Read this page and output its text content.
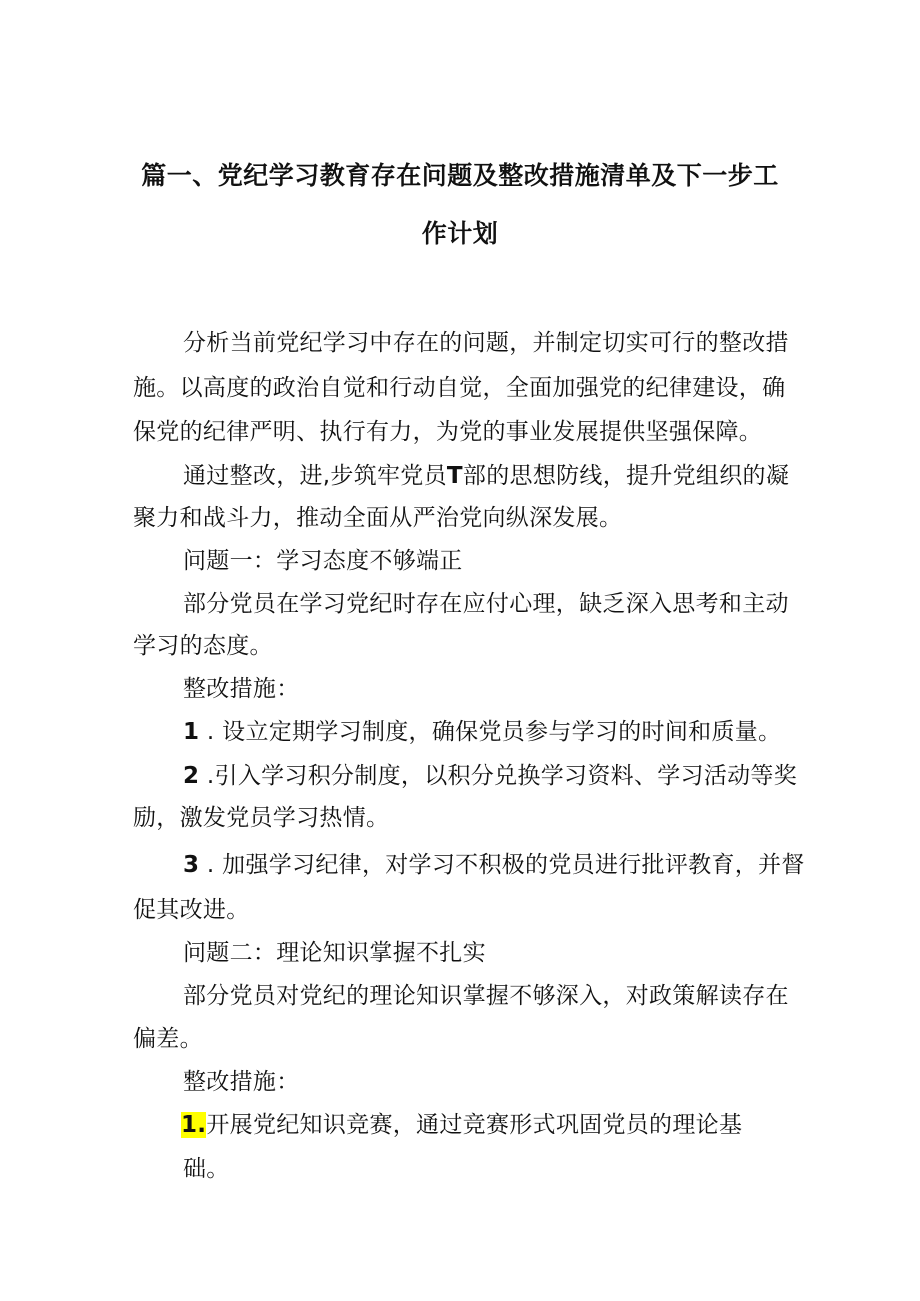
篇一、党纪学习教育存在问题及整改措施清单及下一步工
作计划
分析当前党纪学习中存在的问题，并制定切实可行的整改措
施。以高度的政治自觉和行动自觉，全面加强党的纪律建设，确
保党的纪律严明、执行有力，为党的事业发展提供坚强保障。
通过整改，进,步筑牢党员T部的思想防线，提升党组织的凝
聚力和战斗力，推动全面从严治党向纵深发展。
问题一：学习态度不够端正
部分党员在学习党纪时存在应付心理，缺乏深入思考和主动
学习的态度。
整改措施：
1 . 设立定期学习制度，确保党员参与学习的时间和质量。
2 .引入学习积分制度，以积分兑换学习资料、学习活动等奖
励，激发党员学习热情。
3 . 加强学习纪律，对学习不积极的党员进行批评教育，并督
促其改进。
问题二：理论知识掌握不扎实
部分党员对党纪的理论知识掌握不够深入，对政策解读存在
偏差。
整改措施：
1.开展党纪知识竞赛，通过竞赛形式巩固党员的理论基
础。
